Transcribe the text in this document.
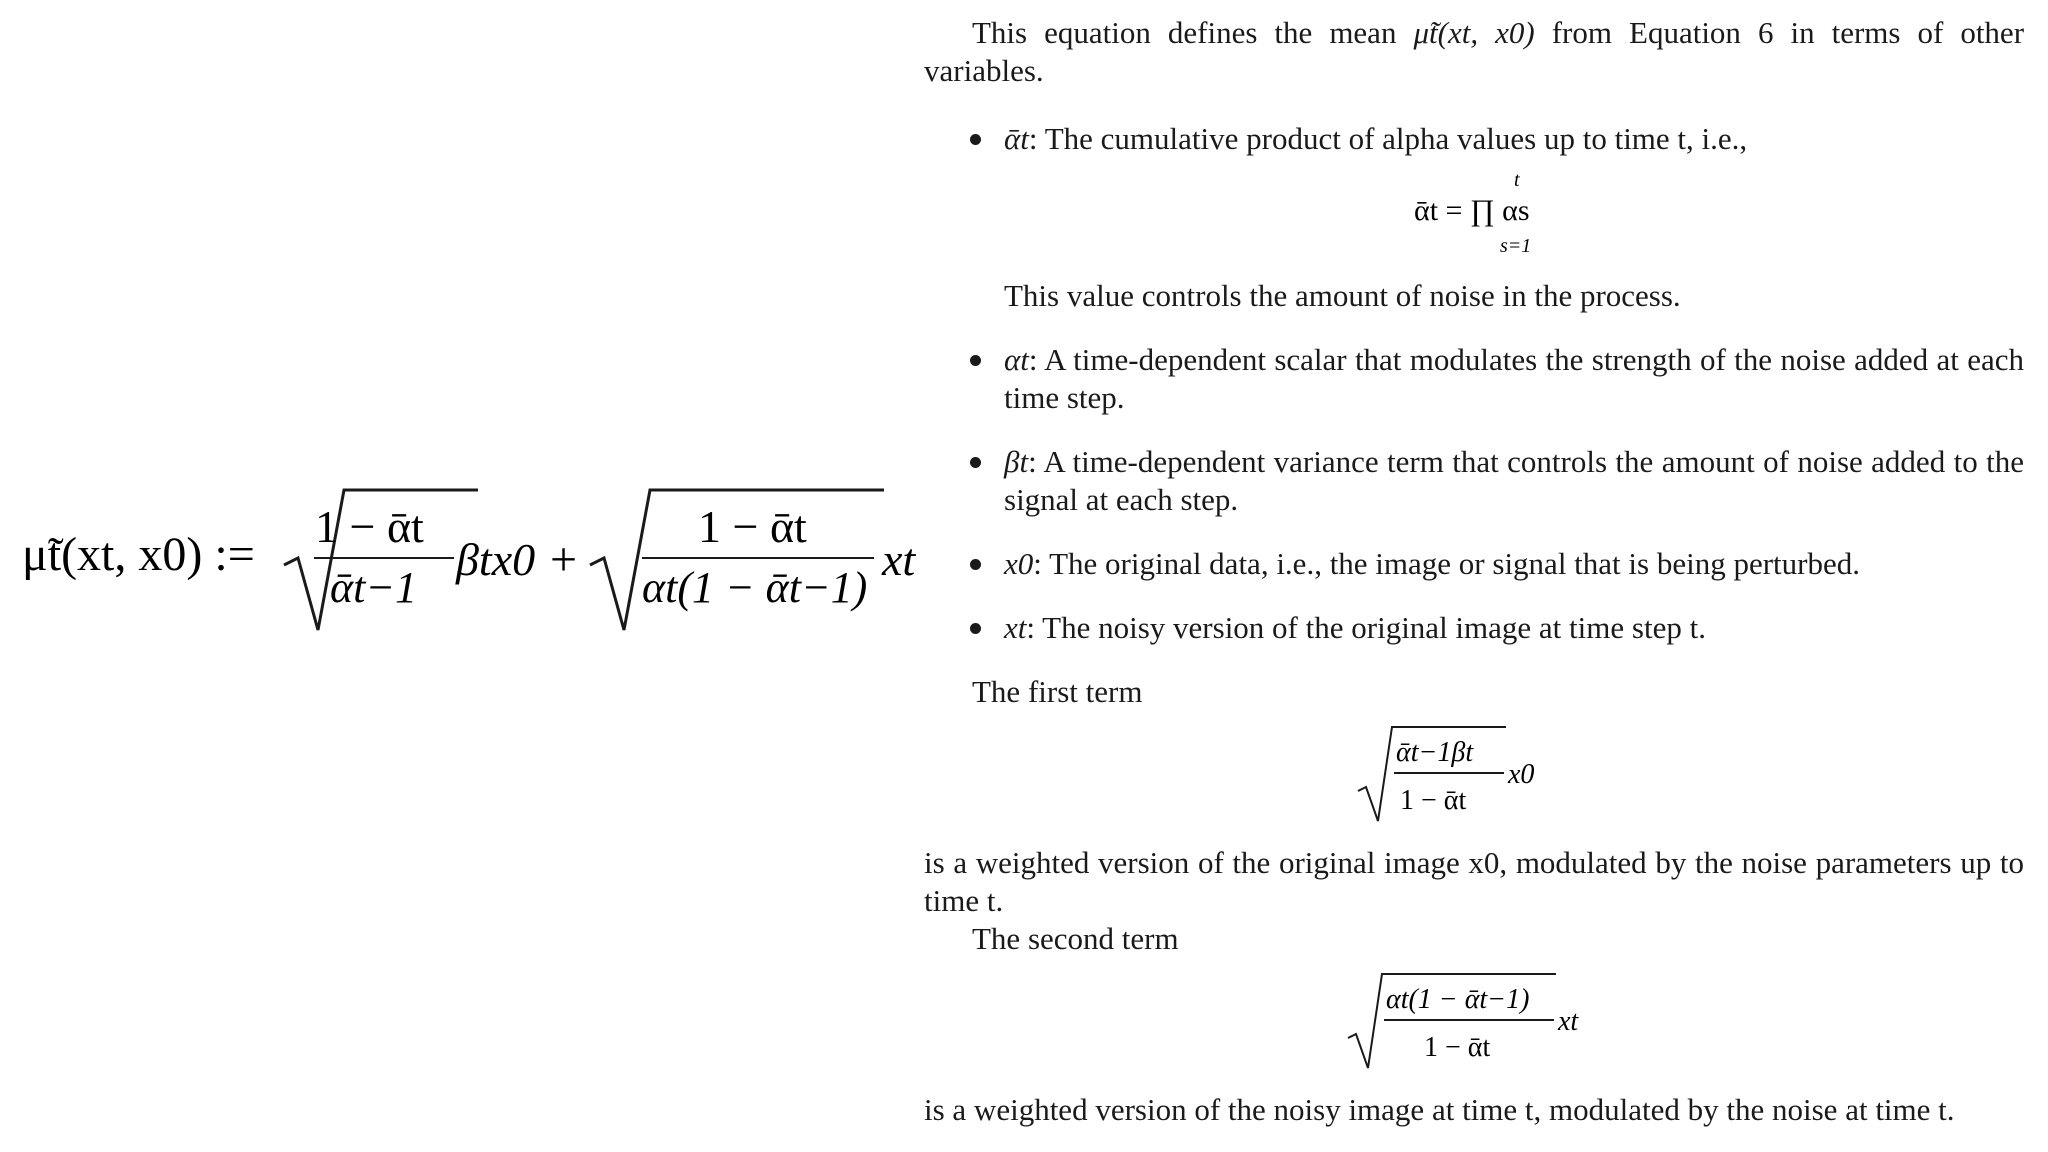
μ̃t(xt, x0) :=
1 − ᾱt
ᾱt−1
βtx0 +
1 − ᾱt
αt(1 − ᾱt−1)
xt

This equation defines the mean μ̃t(xt, x0) from Equation 6 in terms of other variables.

ᾱt: The cumulative product of alpha values up to time t, i.e.,
t
ᾱt = ∏ αs
s=1

This value controls the amount of noise in the process.

αt: A time-dependent scalar that modulates the strength of the noise added at each time step.
βt: A time-dependent variance term that controls the amount of noise added to the signal at each step.
x0: The original data, i.e., the image or signal that is being perturbed.
xt: The noisy version of the original image at time step t.

The first term

ᾱt−1βt
1 − ᾱt
x0

is a weighted version of the original image x0, modulated by the noise parameters up to time t.

The second term

αt(1 − ᾱt−1)
1 − ᾱt
xt

is a weighted version of the noisy image at time t, modulated by the noise at time t.
